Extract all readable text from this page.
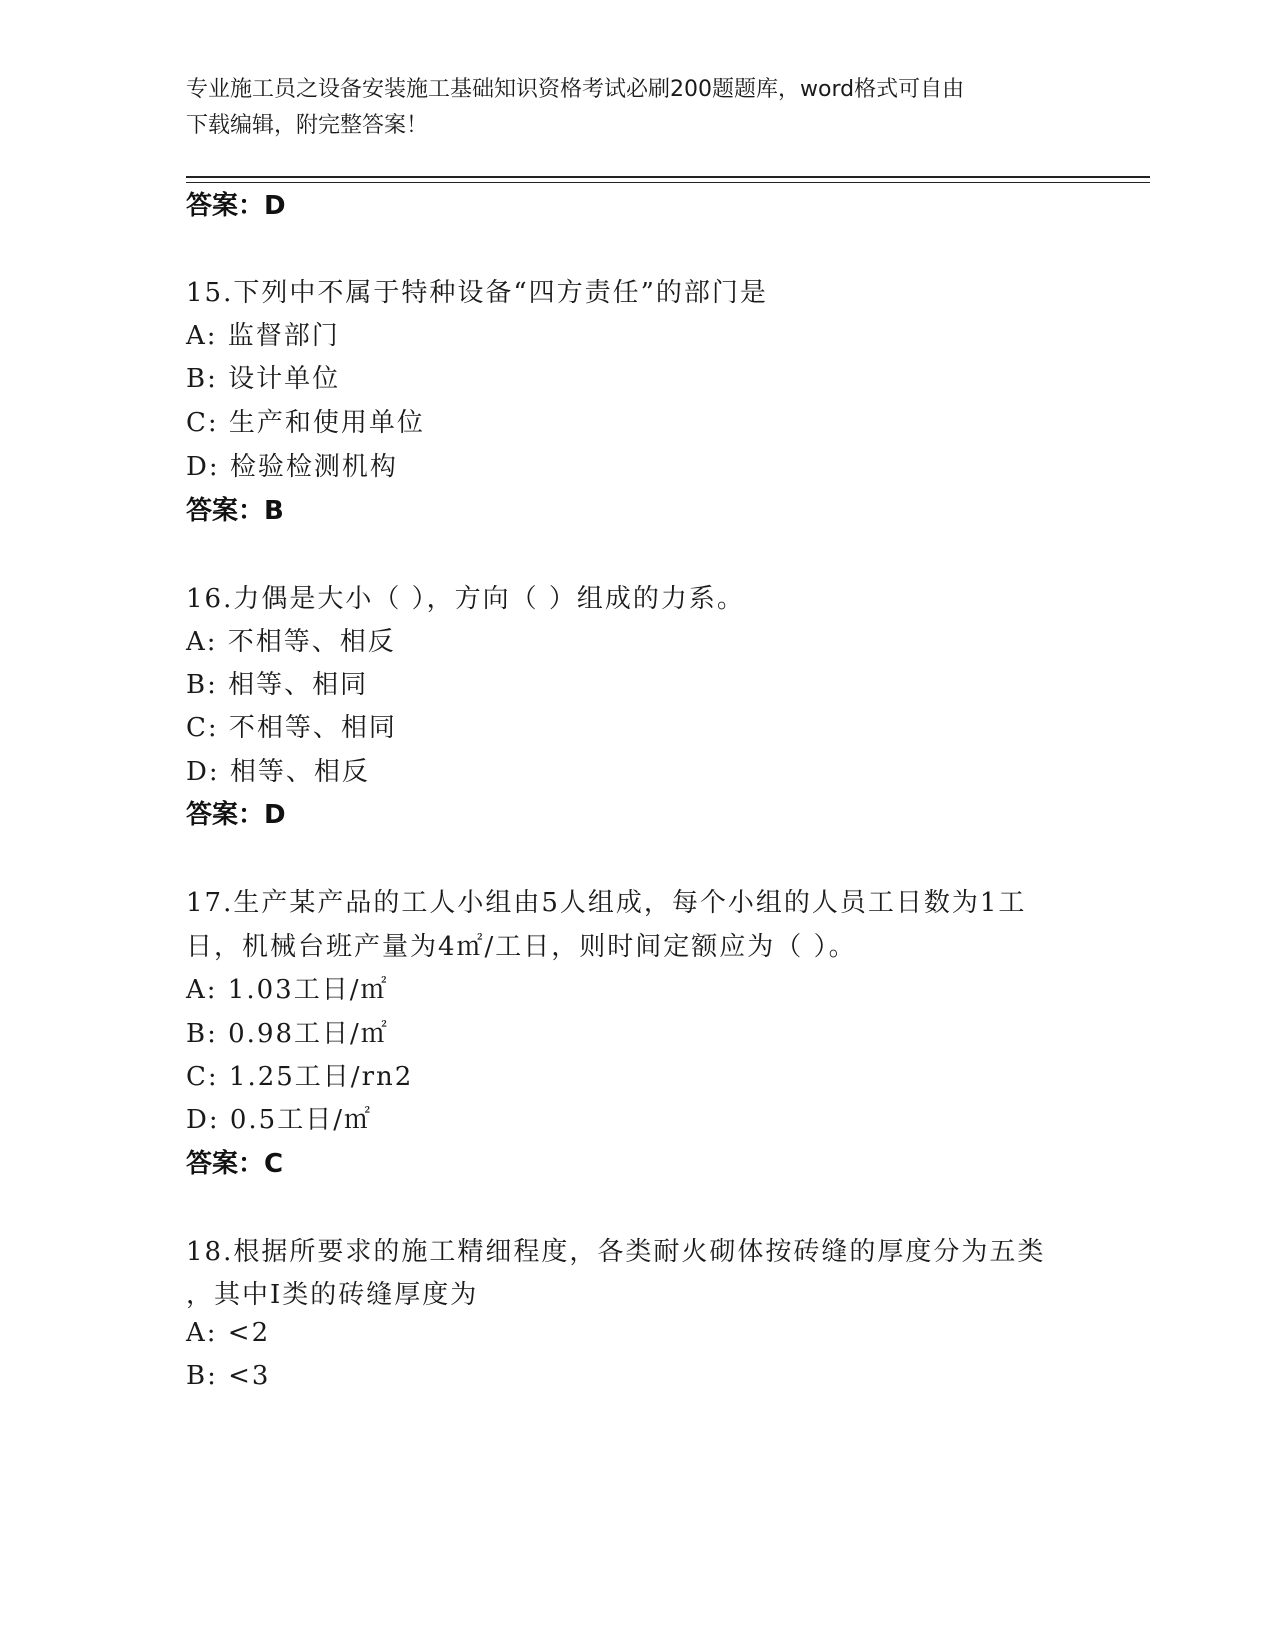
专业施工员之设备安装施工基础知识资格考试必刷200题题库，word格式可自由
下载编辑，附完整答案！
答案：D
15.下列中不属于特种设备“四方责任”的部门是
A: 监督部门
B: 设计单位
C: 生产和使用单位
D: 检验检测机构
答案：B
16.力偶是大小（ ），方向（ ）组成的力系。
A: 不相等、相反
B: 相等、相同
C: 不相等、相同
D: 相等、相反
答案：D
17.生产某产品的工人小组由5人组成，每个小组的人员工日数为1工
日，机械台班产量为4㎡/工日，则时间定额应为（ ）。
A: 1.03工日/㎡
B: 0.98工日/㎡
C: 1.25工日/rn2
D: 0.5工日/㎡
答案：C
18.根据所要求的施工精细程度，各类耐火砌体按砖缝的厚度分为五类
，其中I类的砖缝厚度为
A: <2
B: <3
